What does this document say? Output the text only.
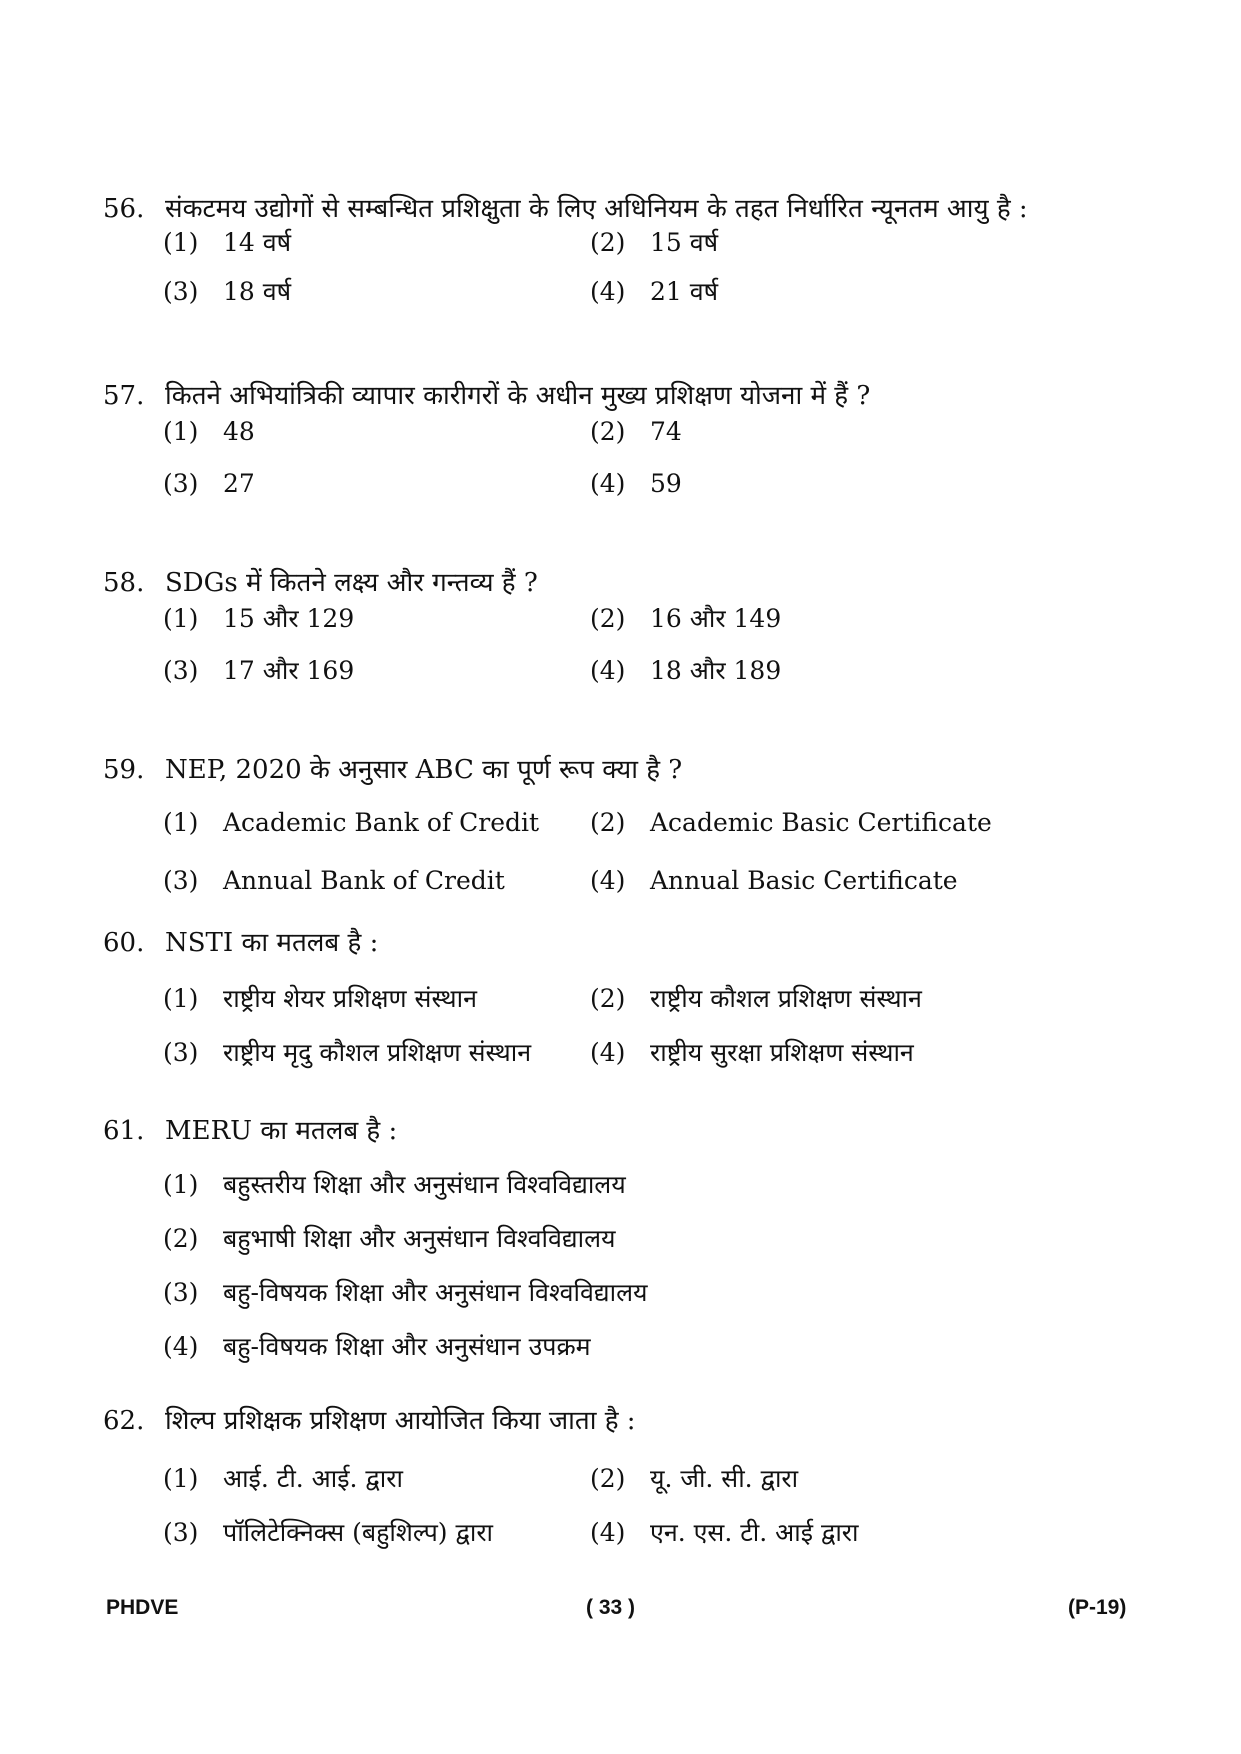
56. संकटमय उद्योगों से सम्बन्धित प्रशिक्षुता के लिए अधिनियम के तहत निर्धारित न्यूनतम आयु है :
(1) 14 वर्ष	(2) 15 वर्ष
(3) 18 वर्ष	(4) 21 वर्ष
57. कितने अभियांत्रिकी व्यापार कारीगरों के अधीन मुख्य प्रशिक्षण योजना में हैं ?
(1) 48	(2) 74
(3) 27	(4) 59
58. SDGs में कितने लक्ष्य और गन्तव्य हैं ?
(1) 15 और 129	(2) 16 और 149
(3) 17 और 169	(4) 18 और 189
59. NEP, 2020 के अनुसार ABC का पूर्ण रूप क्या है ?
(1) Academic Bank of Credit (2) Academic Basic Certificate
(3) Annual Bank of Credit	(4) Annual Basic Certificate
60. NSTI का मतलब है :
(1) राष्ट्रीय शेयर प्रशिक्षण संस्थान	(2) राष्ट्रीय कौशल प्रशिक्षण संस्थान
(3) राष्ट्रीय मृदु कौशल प्रशिक्षण संस्थान (4) राष्ट्रीय सुरक्षा प्रशिक्षण संस्थान
61. MERU का मतलब है :
(1) बहुस्तरीय शिक्षा और अनुसंधान विश्वविद्यालय
(2) बहुभाषी शिक्षा और अनुसंधान विश्वविद्यालय
(3) बहु-विषयक शिक्षा और अनुसंधान विश्वविद्यालय
(4) बहु-विषयक शिक्षा और अनुसंधान उपक्रम
62. शिल्प प्रशिक्षक प्रशिक्षण आयोजित किया जाता है :
(1) आई. टी. आई. द्वारा	(2) यू. जी. सी. द्वारा
(3) पॉलिटेक्निक्स (बहुशिल्प) द्वारा	(4) एन. एस. टी. आई द्वारा
PHDVE	( 33 )	(P-19)
